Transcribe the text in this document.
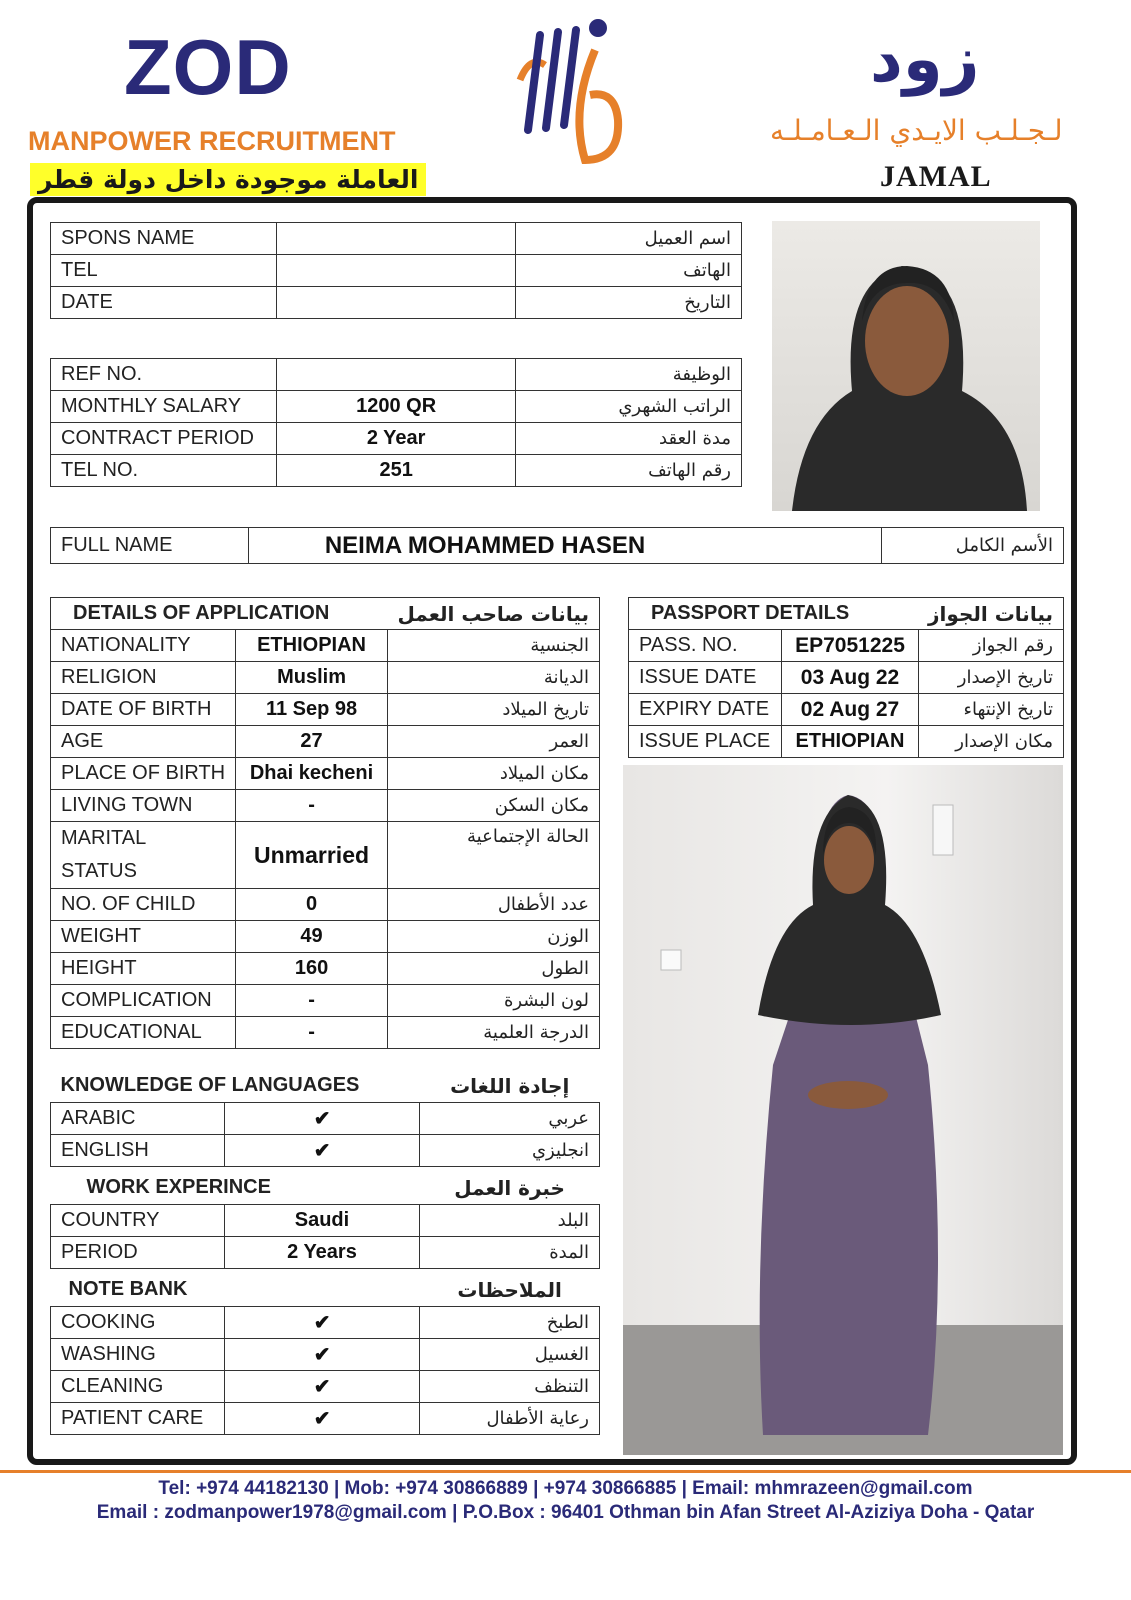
ZOD
MANPOWER RECRUITMENT
العاملة موجودة داخل دولة قطر
زود
لـجـلـب الايـدي الـعـامـلـه
JAMAL
SPONS NAME		اسم العميل
TEL		الهاتف
DATE		التاريخ
REF NO.		الوظيفة
MONTHLY SALARY	1200 QR	الراتب الشهري
CONTRACT PERIOD	2 Year	مدة العقد
TEL NO.	251	رقم الهاتف
FULL NAME	NEIMA MOHAMMED HASEN	الأسم الكامل
DETAILS OF APPLICATION		بيانات صاحب العمل
NATIONALITY	ETHIOPIAN	الجنسية
RELIGION	Muslim	الديانة
DATE OF BIRTH	11 Sep 98	تاريخ الميلاد
AGE	27	العمر
PLACE OF BIRTH	Dhai kecheni	مكان الميلاد
LIVING TOWN	-	مكان السكن
MARITAL STATUS	Unmarried	الحالة الإجتماعية
NO. OF CHILD	0	عدد الأطفال
WEIGHT	49	الوزن
HEIGHT	160	الطول
COMPLICATION	-	لون البشرة
EDUCATIONAL	-	الدرجة العلمية
KNOWLEDGE OF LANGUAGES		إجادة اللغات
ARABIC	✔	عربي
ENGLISH	✔	انجليزي
WORK EXPERINCE		خبرة العمل
COUNTRY	Saudi	البلد
PERIOD	2 Years	المدة
NOTE BANK		الملاحظات
COOKING	✔	الطبخ
WASHING	✔	الغسيل
CLEANING	✔	التنظف
PATIENT CARE	✔	رعاية الأطفال
PASSPORT DETAILS		بيانات الجواز
PASS. NO.	EP7051225	رقم الجواز
ISSUE DATE	03 Aug 22	تاريخ الإصدار
EXPIRY DATE	02 Aug 27	تاريخ الإنتهاء
ISSUE PLACE	ETHIOPIAN	مكان الإصدار
Tel: +974 44182130 | Mob: +974 30866889 | +974 30866885 | Email: mhmrazeen@gmail.com
Email : zodmanpower1978@gmail.com | P.O.Box : 96401 Othman bin Afan Street Al-Aziziya Doha - Qatar
